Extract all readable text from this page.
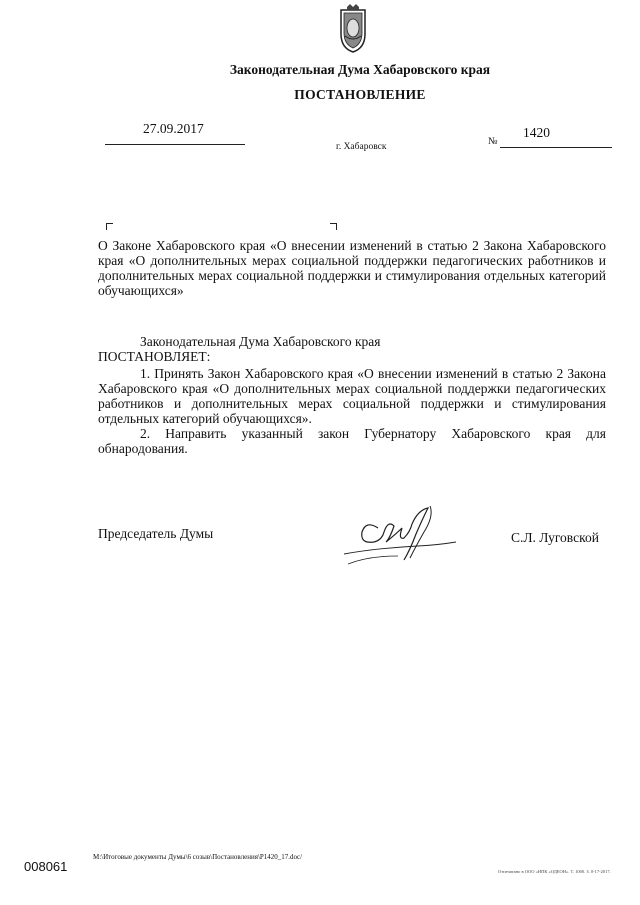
Законодательная Дума Хабаровского края
ПОСТАНОВЛЕНИЕ
27.09.2017
г. Хабаровск	№
1420
О Законе Хабаровского края «О внесении изменений в статью 2 Закона Хабаровского края «О дополнительных мерах социальной поддержки педагогических работников и дополнительных мерах социальной поддержки и стимулирования отдельных категорий обучающихся»
Законодательная Дума Хабаровского края
ПОСТАНОВЛЯЕТ:

1. Принять Закон Хабаровского края «О внесении изменений в статью 2 Закона Хабаровского края «О дополнительных мерах социальной поддержки педагогических работников и дополнительных мерах социальной поддержки и стимулирования отдельных категорий обучающихся».

2. Направить указанный закон Губернатору Хабаровского края для обнародования.

Председатель Думы	С.Л. Луговской
М:\Итоговые документы Думы\6 созыв\Постановления\Р1420_17.doc/
008061	Отпечатано в ООО «НПК «ОДЕОН». Т. 1000. З. 0-17-2017.
